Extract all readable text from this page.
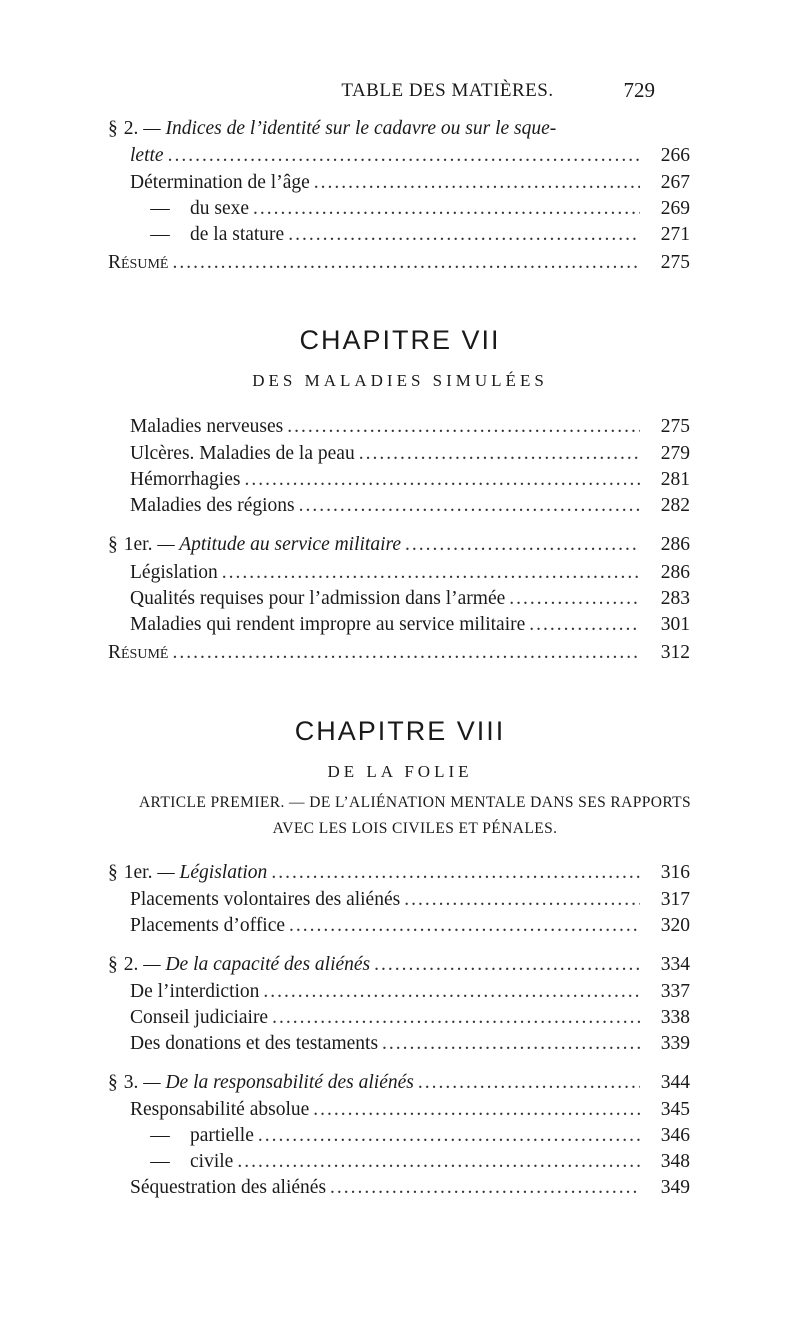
TABLE DES MATIÈRES.	729
§ 2. — Indices de l’identité sur le cadavre ou sur le sque-
lette .....	266
Détermination de l’âge .....	267
— du sexe .....	269
— de la stature .....	271
Résumé .....	275
CHAPITRE VII
DES MALADIES SIMULÉES
Maladies nerveuses .....	275
Ulcères. Maladies de la peau .....	279
Hémorrhagies .....	281
Maladies des régions .....	282
§ 1er. — Aptitude au service militaire .....	286
Législation .....	286
Qualités requises pour l’admission dans l’armée .....	283
Maladies qui rendent impropre au service militaire .....	301
Résumé .....	312
CHAPITRE VIII
DE LA FOLIE
ARTICLE PREMIER. — DE L’ALIÉNATION MENTALE DANS SES RAPPORTS
AVEC LES LOIS CIVILES ET PÉNALES.
§ 1er. — Législation .....	316
Placements volontaires des aliénés .....	317
Placements d’office .....	320
§ 2. — De la capacité des aliénés .....	334
De l’interdiction .....	337
Conseil judiciaire .....	338
Des donations et des testaments .....	339
§ 3. — De la responsabilité des aliénés .....	344
Responsabilité absolue .....	345
— partielle .....	346
— civile .....	348
Séquestration des aliénés .....	349
